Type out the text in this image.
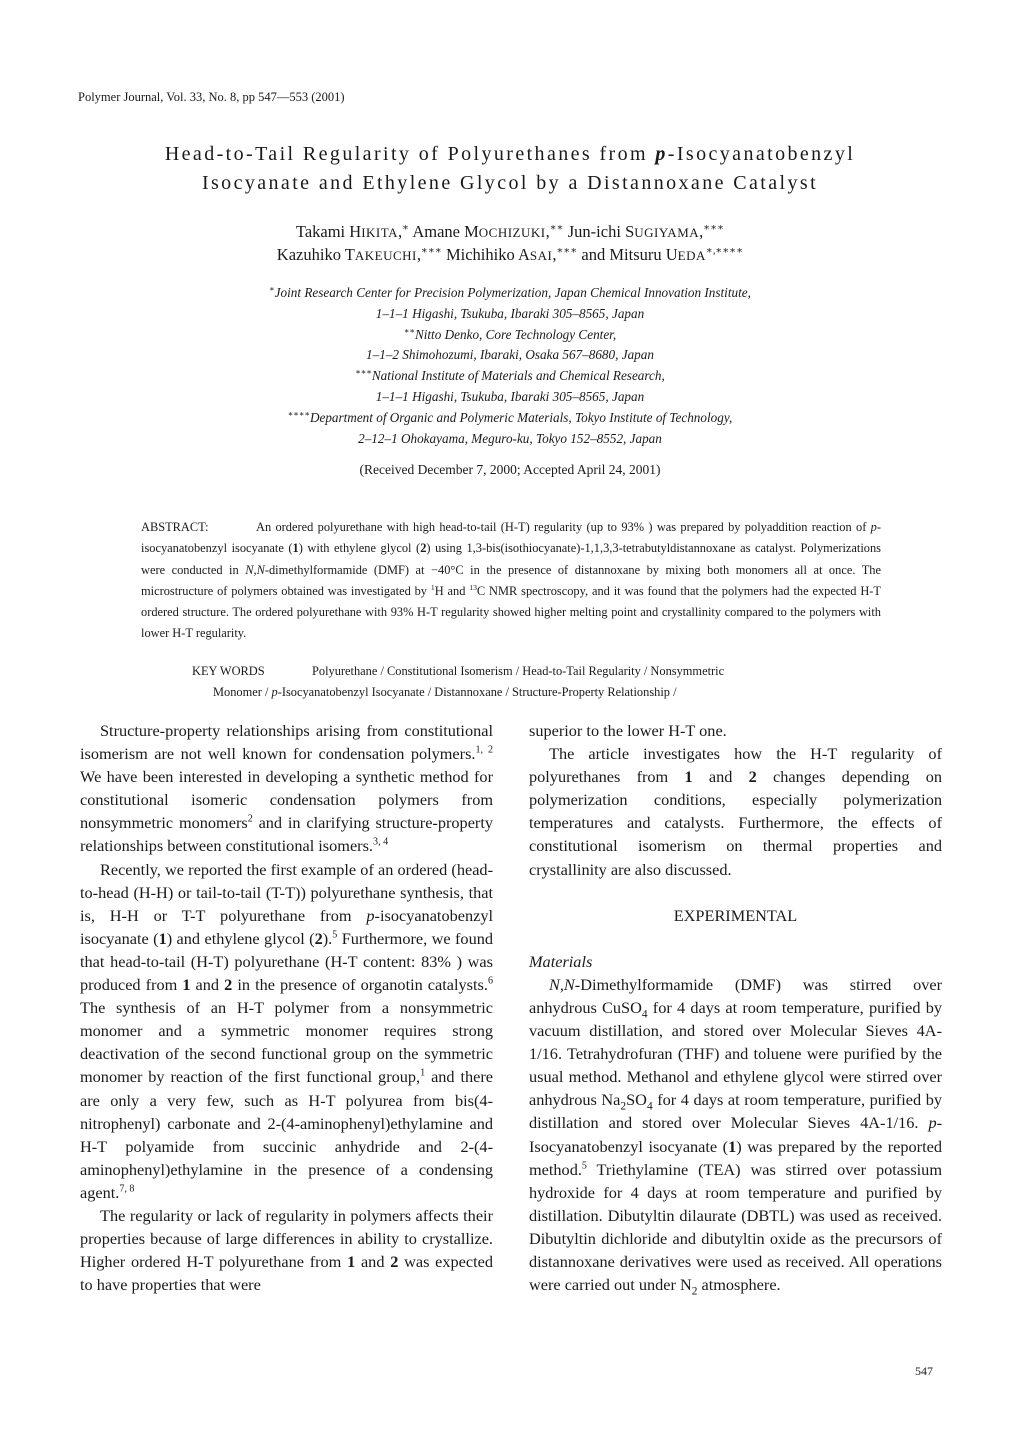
Polymer Journal, Vol. 33, No. 8, pp 547—553 (2001)
Head-to-Tail Regularity of Polyurethanes from p-Isocyanatobenzyl
Isocyanate and Ethylene Glycol by a Distannoxane Catalyst
Takami HIKITA,∗ Amane MOCHIZUKI,∗∗ Jun-ichi SUGIYAMA,∗∗∗
Kazuhiko TAKEUCHI,∗∗∗ Michihiko ASAI,∗∗∗ and Mitsuru UEDA∗,∗∗∗∗
∗Joint Research Center for Precision Polymerization, Japan Chemical Innovation Institute,
1–1–1 Higashi, Tsukuba, Ibaraki 305–8565, Japan
∗∗Nitto Denko, Core Technology Center,
1–1–2 Shimohozumi, Ibaraki, Osaka 567–8680, Japan
∗∗∗National Institute of Materials and Chemical Research,
1–1–1 Higashi, Tsukuba, Ibaraki 305–8565, Japan
∗∗∗∗Department of Organic and Polymeric Materials, Tokyo Institute of Technology,
2–12–1 Ohokayama, Meguro-ku, Tokyo 152–8552, Japan
(Received December 7, 2000; Accepted April 24, 2001)
ABSTRACT:	An ordered polyurethane with high head-to-tail (H-T) regularity (up to 93% ) was prepared by polyaddition reaction of p-isocyanatobenzyl isocyanate (1) with ethylene glycol (2) using 1,3-bis(isothiocyanate)-1,1,3,3-tetrabutyldistannoxane as catalyst. Polymerizations were conducted in N,N-dimethylformamide (DMF) at −40°C in the presence of distannoxane by mixing both monomers all at once. The microstructure of polymers obtained was investigated by $^1$H and $^{13}$C NMR spectroscopy, and it was found that the polymers had the expected H-T ordered structure. The ordered polyurethane with 93% H-T regularity showed higher melting point and crystallinity compared to the polymers with lower H-T regularity.
KEY WORDS	Polyurethane / Constitutional Isomerism / Head-to-Tail Regularity / Nonsymmetric
Monomer / p-Isocyanatobenzyl Isocyanate / Distannoxane / Structure-Property Relationship /

Structure-property relationships arising from constitutional isomerism are not well known for condensation polymers.$^{1, 2}$ We have been interested in developing a synthetic method for constitutional isomeric condensation polymers from nonsymmetric monomers$^2$ and in clarifying structure-property relationships between constitutional isomers.$^{3, 4}$

Recently, we reported the first example of an ordered (head-to-head (H-H) or tail-to-tail (T-T)) polyurethane synthesis, that is, H-H or T-T polyurethane from p-isocyanatobenzyl isocyanate (1) and ethylene glycol (2).$^5$ Furthermore, we found that head-to-tail (H-T) polyurethane (H-T content: 83% ) was produced from 1 and 2 in the presence of organotin catalysts.$^6$ The synthesis of an H-T polymer from a nonsymmetric monomer and a symmetric monomer requires strong deactivation of the second functional group on the symmetric monomer by reaction of the first functional group,$^1$ and there are only a very few, such as H-T polyurea from bis(4-nitrophenyl) carbonate and 2-(4-aminophenyl)ethylamine and H-T polyamide from succinic anhydride and 2-(4-aminophenyl)ethylamine in the presence of a condensing agent.$^{7, 8}$

The regularity or lack of regularity in polymers affects their properties because of large differences in ability to crystallize. Higher ordered H-T polyurethane from 1 and 2 was expected to have properties that were

superior to the lower H-T one.

The article investigates how the H-T regularity of polyurethanes from 1 and 2 changes depending on polymerization conditions, especially polymerization temperatures and catalysts. Furthermore, the effects of constitutional isomerism on thermal properties and crystallinity are also discussed.

EXPERIMENTAL

Materials

N,N-Dimethylformamide (DMF) was stirred over anhydrous CuSO$_4$ for 4 days at room temperature, purified by vacuum distillation, and stored over Molecular Sieves 4A-1/16. Tetrahydrofuran (THF) and toluene were purified by the usual method. Methanol and ethylene glycol were stirred over anhydrous $Na_2SO_4$ for 4 days at room temperature, purified by distillation and stored over Molecular Sieves 4A-1/16. p-Isocyanatobenzyl isocyanate (1) was prepared by the reported method.$^5$ Triethylamine (TEA) was stirred over potassium hydroxide for 4 days at room temperature and purified by distillation. Dibutyltin dilaurate (DBTL) was used as received. Dibutyltin dichloride and dibutyltin oxide as the precursors of distannoxane derivatives were used as received. All operations were carried out under $N_2$ atmosphere.

547
